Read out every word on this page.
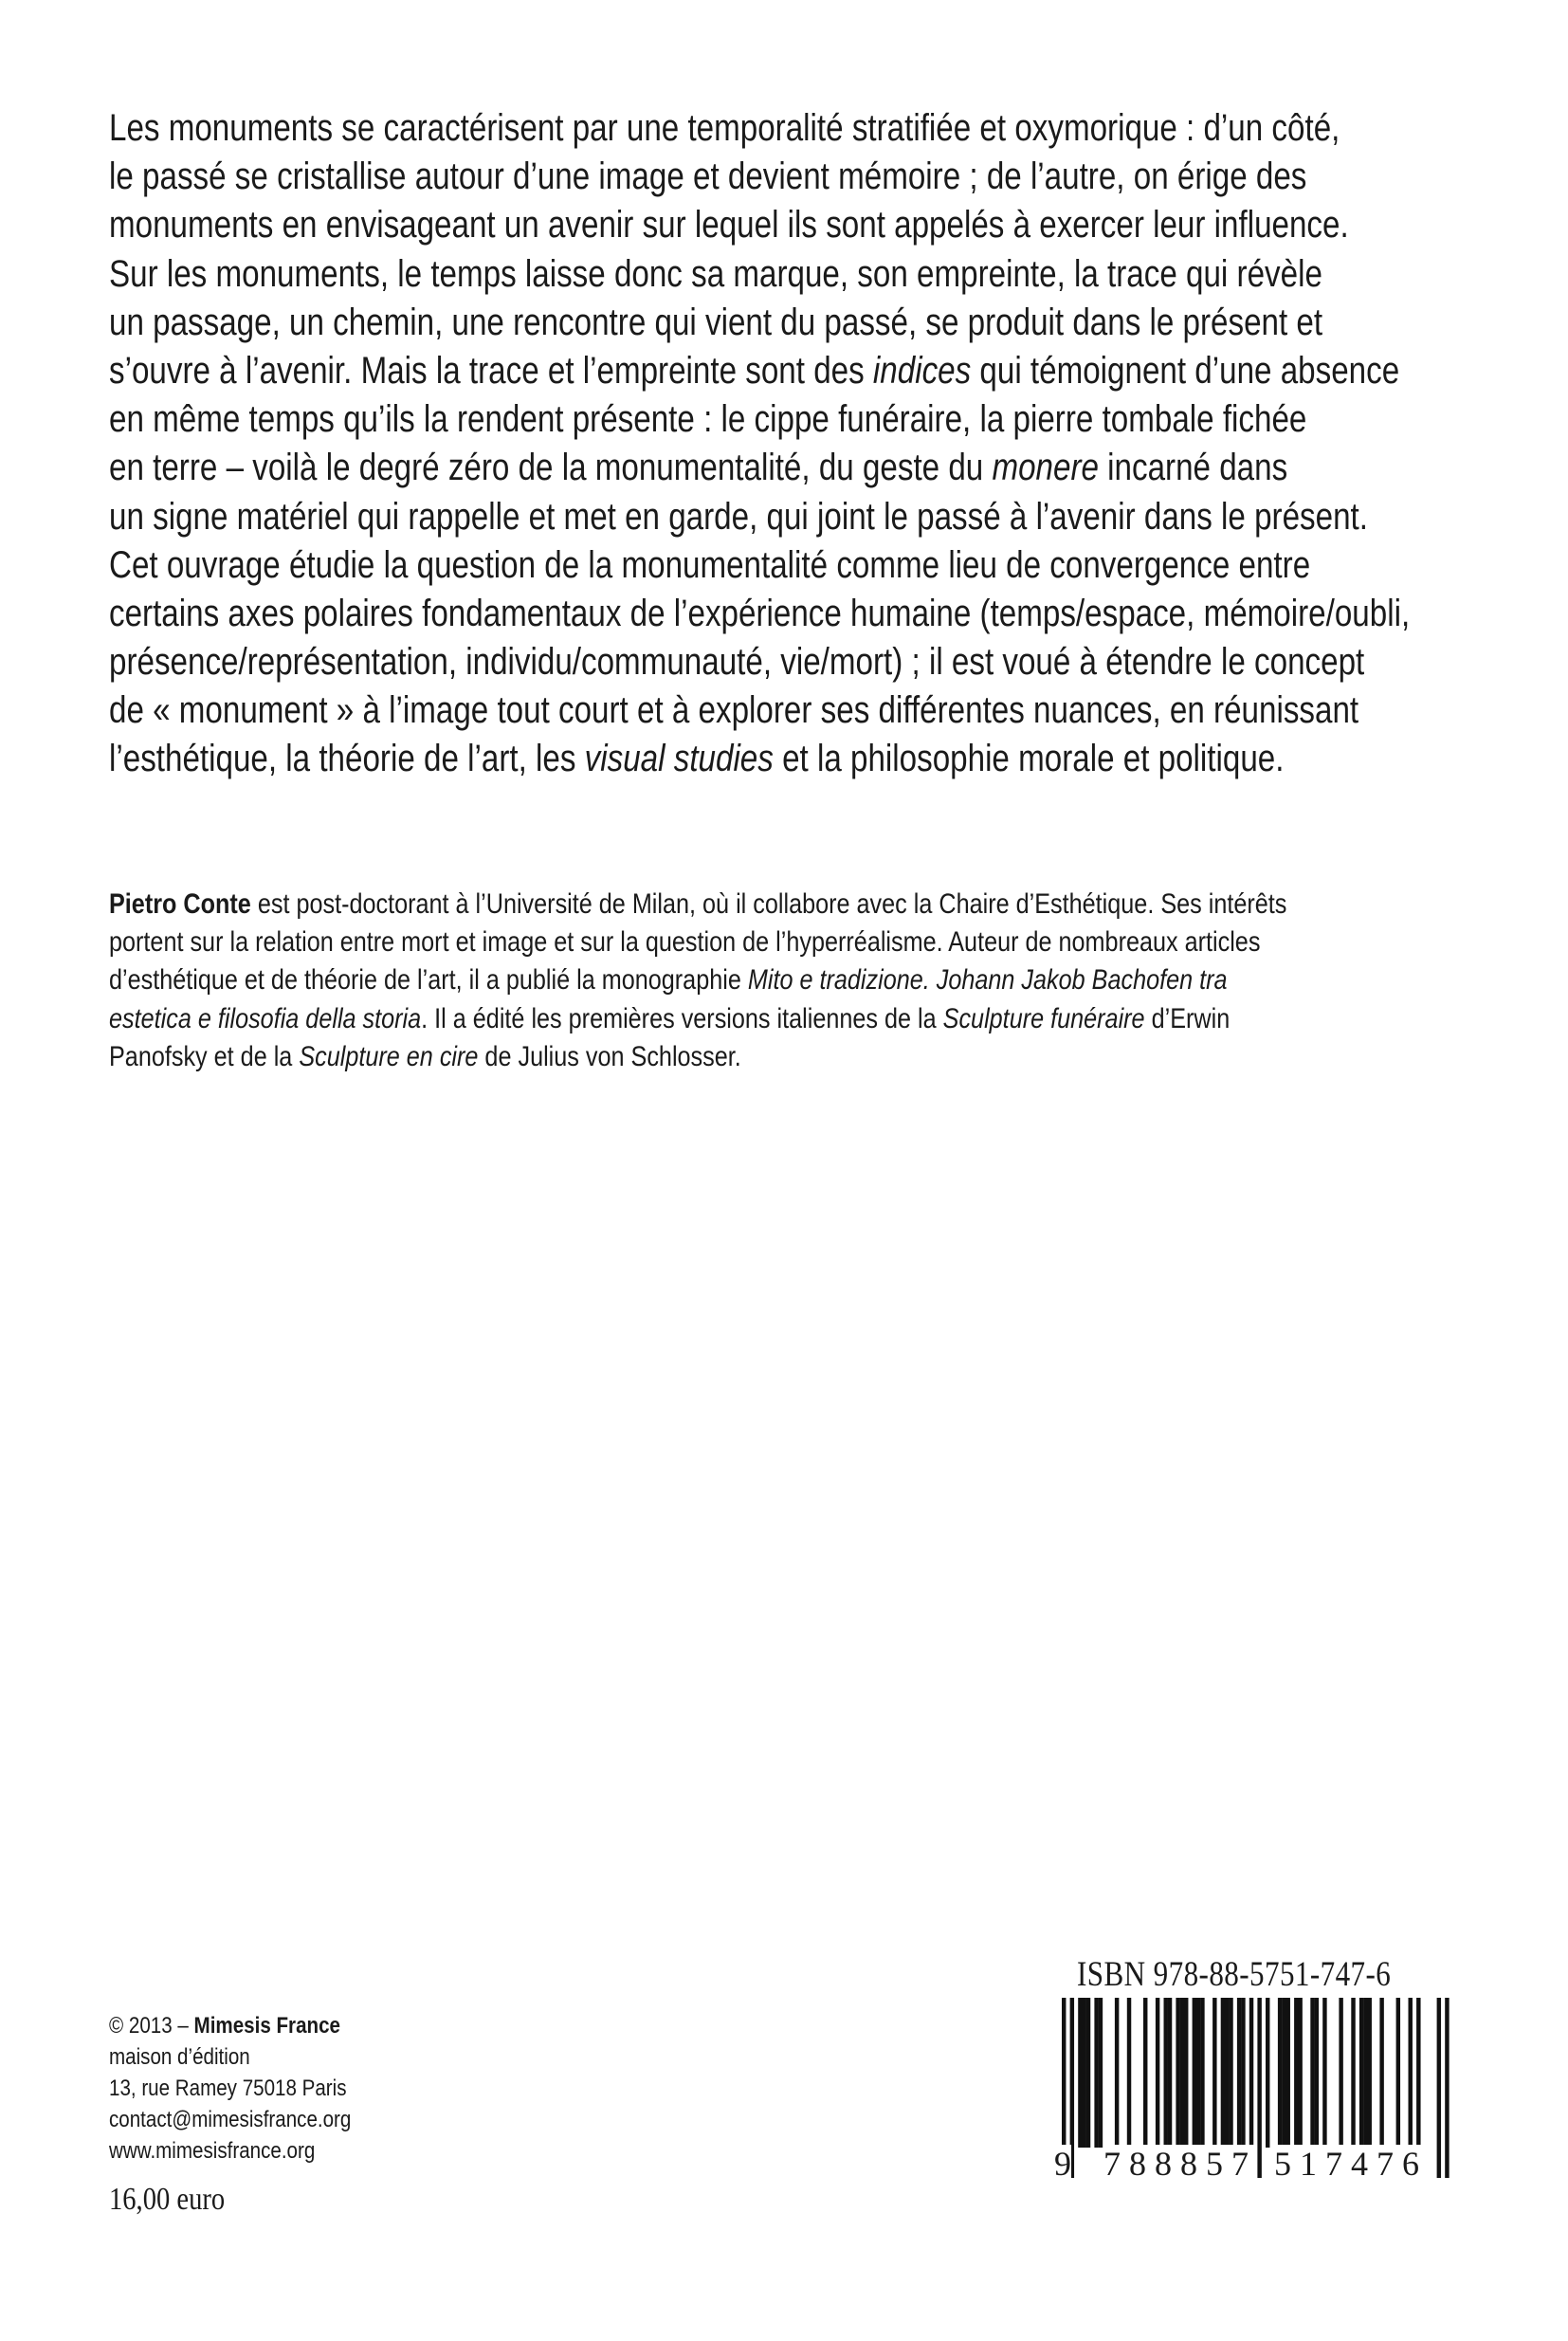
Les monuments se caractérisent par une temporalité stratifiée et oxymorique : d’un côté,
le passé se cristallise autour d’une image et devient mémoire ; de l’autre, on érige des
monuments en envisageant un avenir sur lequel ils sont appelés à exercer leur influence.
Sur les monuments, le temps laisse donc sa marque, son empreinte, la trace qui révèle
un passage, un chemin, une rencontre qui vient du passé, se produit dans le présent et
s’ouvre à l’avenir. Mais la trace et l’empreinte sont des indices qui témoignent d’une absence
en même temps qu’ils la rendent présente : le cippe funéraire, la pierre tombale fichée
en terre – voilà le degré zéro de la monumentalité, du geste du monere incarné dans
un signe matériel qui rappelle et met en garde, qui joint le passé à l’avenir dans le présent.
Cet ouvrage étudie la question de la monumentalité comme lieu de convergence entre
certains axes polaires fondamentaux de l’expérience humaine (temps/espace, mémoire/oubli,
présence/représentation, individu/communauté, vie/mort) ; il est voué à étendre le concept
de « monument » à l’image tout court et à explorer ses différentes nuances, en réunissant
l’esthétique, la théorie de l’art, les visual studies et la philosophie morale et politique.
Pietro Conte est post-doctorant à l’Université de Milan, où il collabore avec la Chaire d’Esthétique. Ses intérêts
portent sur la relation entre mort et image et sur la question de l’hyperréalisme. Auteur de nombreaux articles
d’esthétique et de théorie de l’art, il a publié la monographie Mito e tradizione. Johann Jakob Bachofen tra
estetica e filosofia della storia. Il a édité les premières versions italiennes de la Sculpture funéraire d’Erwin
Panofsky et de la Sculpture en cire de Julius von Schlosser.
© 2013 – Mimesis France
maison d’édition
13, rue Ramey 75018 Paris
contact@mimesisfrance.org
www.mimesisfrance.org
16,00 euro
ISBN 978-88-5751-747-6
9 788857 517476
